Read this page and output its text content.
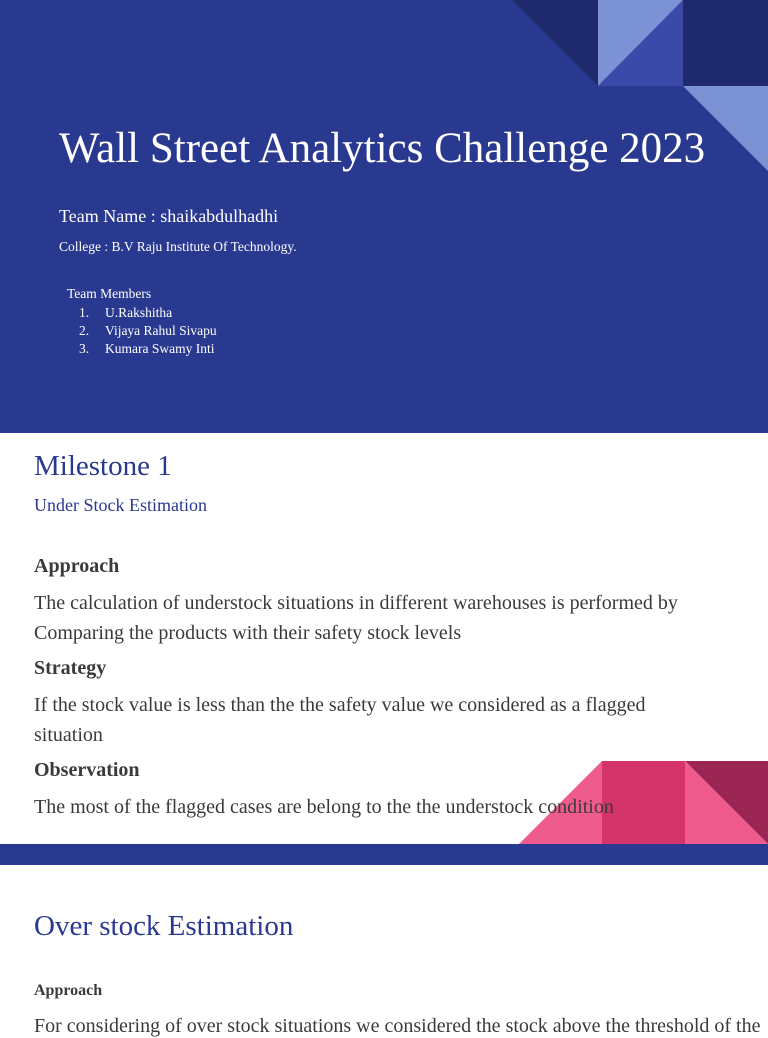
Wall Street Analytics Challenge 2023
Team Name : shaikabdulhadhi
College : B.V Raju Institute Of Technology.
Team Members
1.	U.Rakshitha
2.	Vijaya Rahul Sivapu
3.	Kumara Swamy Inti
Milestone 1
Under Stock Estimation
Approach

The calculation of understock situations in different warehouses is performed by Comparing the products with their safety stock levels

Strategy

If the stock value is less than the the safety value we considered as a flagged situation

Observation

The most of the flagged cases are belong to the the understock condition

Over stock Estimation
Approach
For considering of over stock situations we considered the stock above the threshold of the
